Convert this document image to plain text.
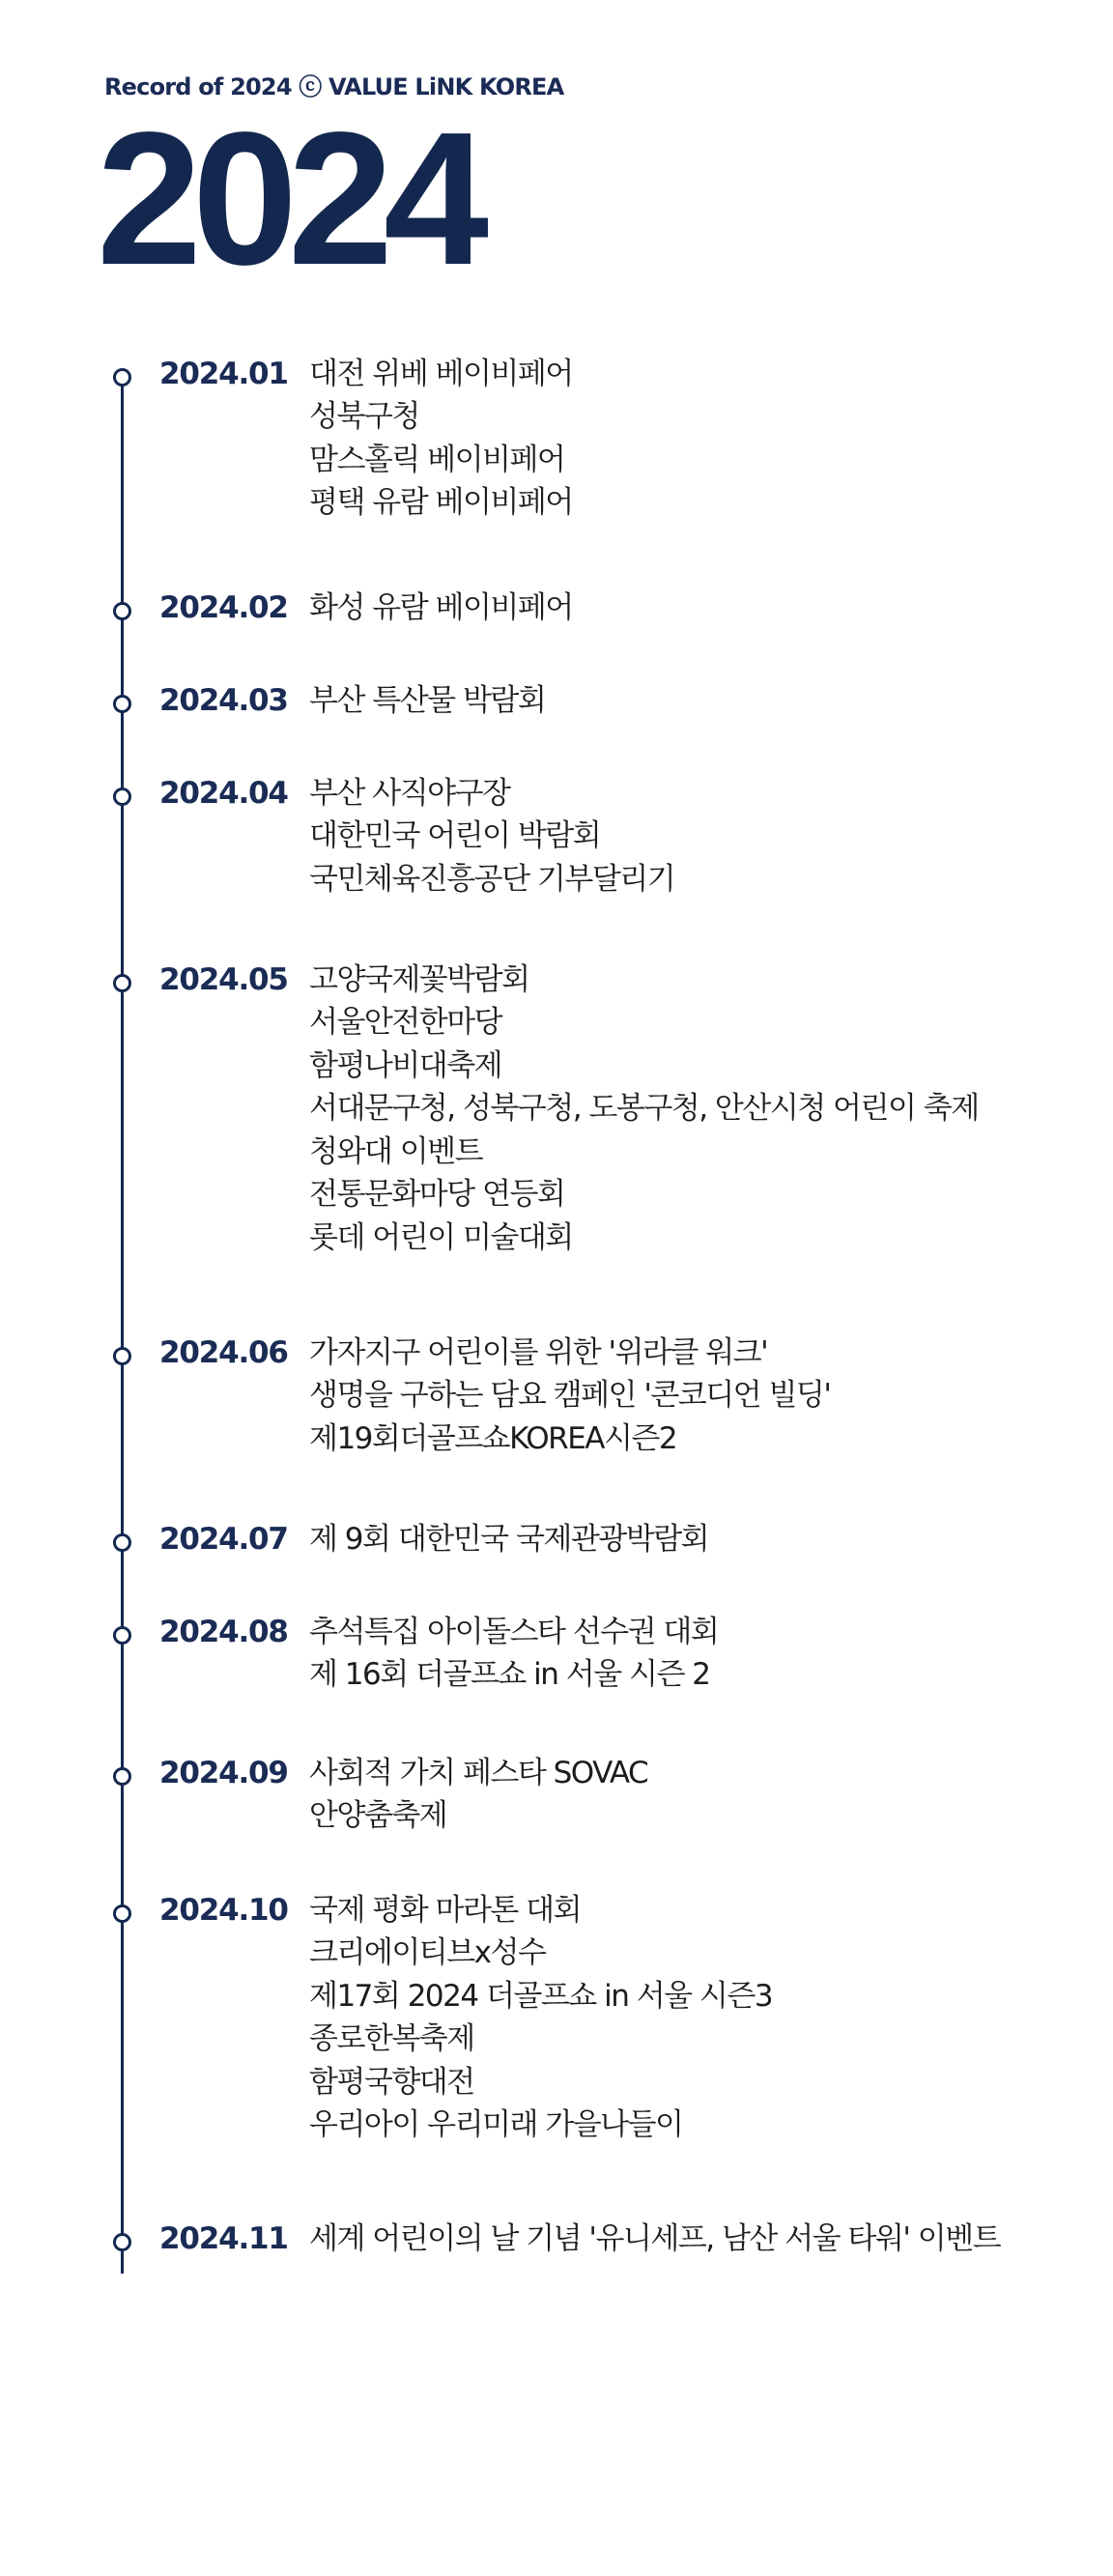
Record of 2024 ⓒ VALUE LiNK KOREA
2024
2024.01 대전 위베 베이비페어
성북구청
맘스홀릭 베이비페어
평택 유람 베이비페어
2024.02 화성 유람 베이비페어
2024.03 부산 특산물 박람회
2024.04 부산 사직야구장
대한민국 어린이 박람회
국민체육진흥공단 기부달리기
2024.05 고양국제꽃박람회
서울안전한마당
함평나비대축제
서대문구청, 성북구청, 도봉구청, 안산시청 어린이 축제
청와대 이벤트
전통문화마당 연등회
롯데 어린이 미술대회
2024.06 가자지구 어린이를 위한 '위라클 워크'
생명을 구하는 담요 캠페인 '콘코디언 빌딩'
제19회더골프쇼KOREA시즌2
2024.07 제 9회 대한민국 국제관광박람회
2024.08 추석특집 아이돌스타 선수권 대회
제 16회 더골프쇼 in 서울 시즌 2
2024.09 사회적 가치 페스타 SOVAC
안양춤축제
2024.10 국제 평화 마라톤 대회
크리에이티브x성수
제17회 2024 더골프쇼 in 서울 시즌3
종로한복축제
함평국향대전
우리아이 우리미래 가을나들이
2024.11 세계 어린이의 날 기념 '유니세프, 남산 서울 타워' 이벤트
